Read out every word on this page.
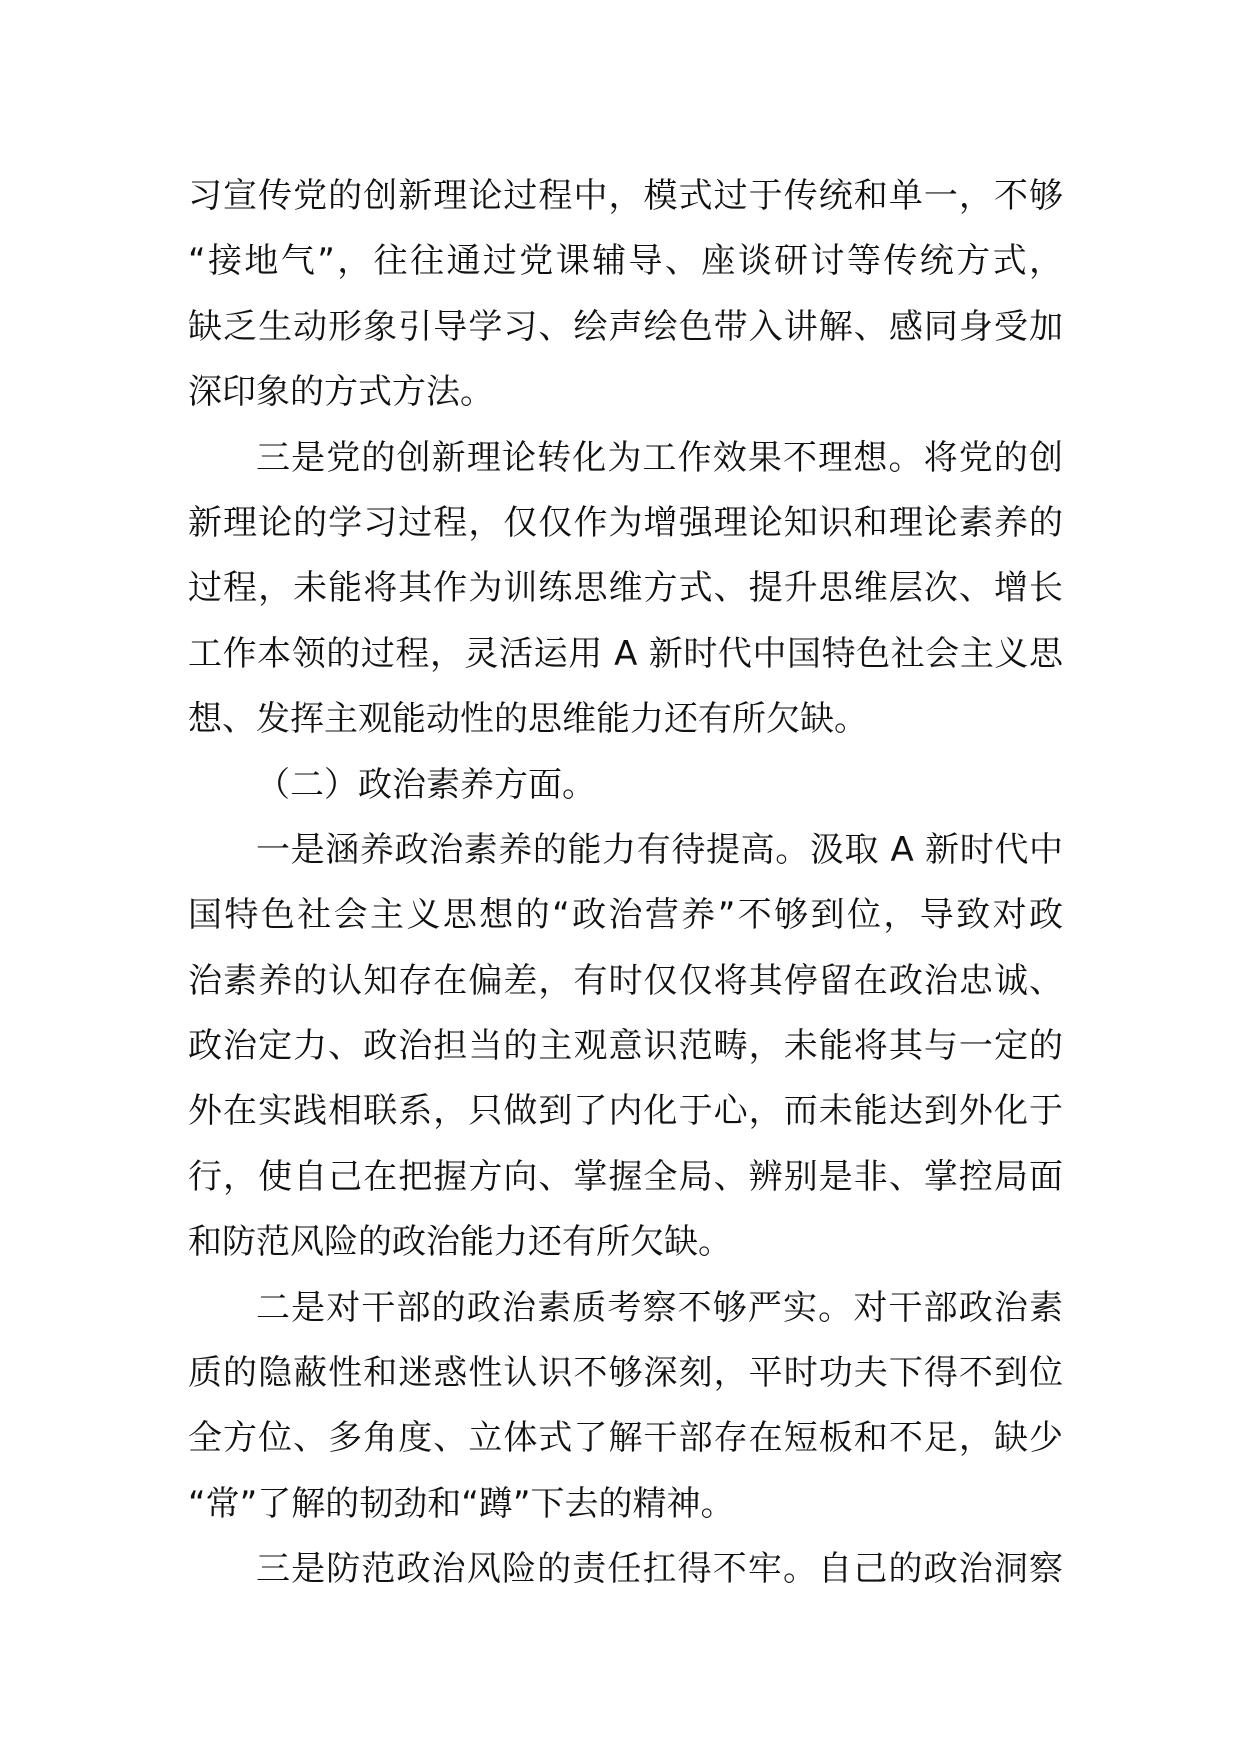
习宣传党的创新理论过程中，模式过于传统和单一，不够
“接地气”，往往通过党课辅导、座谈研讨等传统方式，
缺乏生动形象引导学习、绘声绘色带入讲解、感同身受加
深印象的方式方法。
三是党的创新理论转化为工作效果不理想。将党的创
新理论的学习过程，仅仅作为增强理论知识和理论素养的
过程，未能将其作为训练思维方式、提升思维层次、增长
工作本领的过程，灵活运用 A 新时代中国特色社会主义思
想、发挥主观能动性的思维能力还有所欠缺。
（二）政治素养方面。
一是涵养政治素养的能力有待提高。汲取 A 新时代中
国特色社会主义思想的“政治营养”不够到位，导致对政
治素养的认知存在偏差，有时仅仅将其停留在政治忠诚、
政治定力、政治担当的主观意识范畴，未能将其与一定的
外在实践相联系，只做到了内化于心，而未能达到外化于
行，使自己在把握方向、掌握全局、辨别是非、掌控局面
和防范风险的政治能力还有所欠缺。
二是对干部的政治素质考察不够严实。对干部政治素
质的隐蔽性和迷惑性认识不够深刻，平时功夫下得不到位
全方位、多角度、立体式了解干部存在短板和不足，缺少
“常”了解的韧劲和“蹲”下去的精神。
三是防范政治风险的责任扛得不牢。自己的政治洞察
